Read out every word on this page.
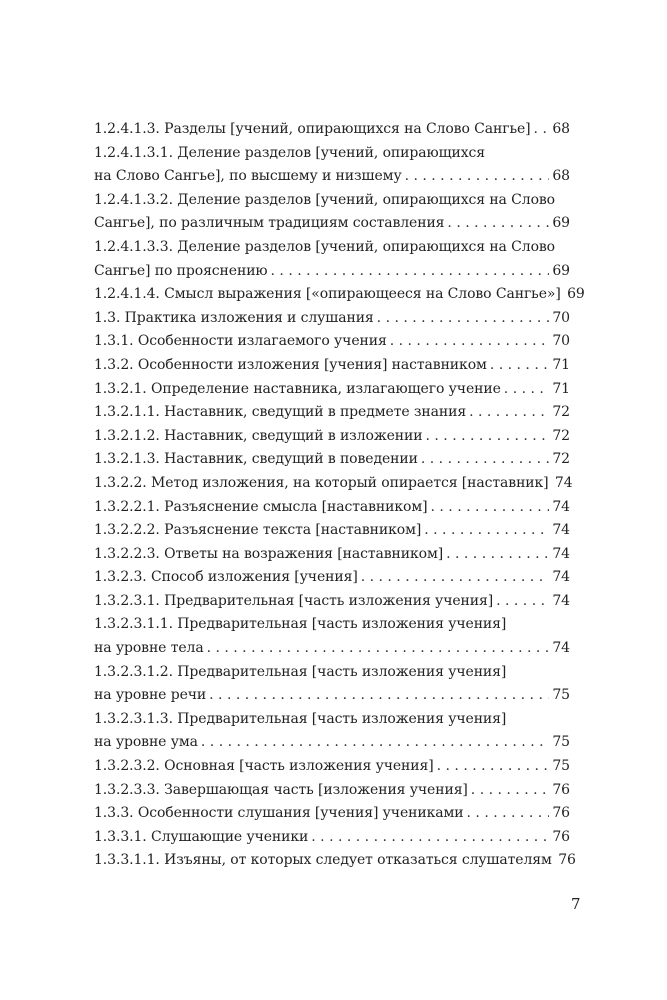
1.2.4.1.3. Разделы [учений, опирающихся на Слово Сангье] . . . 68
1.2.4.1.3.1. Деление разделов [учений, опирающихся
на Слово Сангье], по высшему и низшему . . .	68
1.2.4.1.3.2. Деление разделов [учений, опирающихся на Слово
Сангье], по различным традициям составления . . .	69
1.2.4.1.3.3. Деление разделов [учений, опирающихся на Слово
Сангье] по прояснению . . .	69
1.2.4.1.4. Смысл выражения [«опирающееся на Слово Сангье»] 69
1.3. Практика изложения и слушания . . .	70
1.3.1. Особенности излагаемого учения . . .	70
1.3.2. Особенности изложения [учения] наставником . . .	71
1.3.2.1. Определение наставника, излагающего учение . . .	71
1.3.2.1.1. Наставник, сведущий в предмете знания . . .	72
1.3.2.1.2. Наставник, сведущий в изложении . . .	72
1.3.2.1.3. Наставник, сведущий в поведении . . .	72
1.3.2.2. Метод изложения, на который опирается [наставник] 74
1.3.2.2.1. Разъяснение смысла [наставником] . . .	74
1.3.2.2.2. Разъяснение текста [наставником] . . .	74
1.3.2.2.3. Ответы на возражения [наставником] . . .	74
1.3.2.3. Способ изложения [учения] . . .	74
1.3.2.3.1. Предварительная [часть изложения учения] . . .	74
1.3.2.3.1.1. Предварительная [часть изложения учения]
на уровне тела . . .	74
1.3.2.3.1.2. Предварительная [часть изложения учения]
на уровне речи . . .	75
1.3.2.3.1.3. Предварительная [часть изложения учения]
на уровне ума . . .	75
1.3.2.3.2. Основная [часть изложения учения] . . .	75
1.3.2.3.3. Завершающая часть [изложения учения] . . .	76
1.3.3. Особенности слушания [учения] учениками . . .	76
1.3.3.1. Слушающие ученики . . .	76
1.3.3.1.1. Изъяны, от которых следует отказаться слушателям 76
7
